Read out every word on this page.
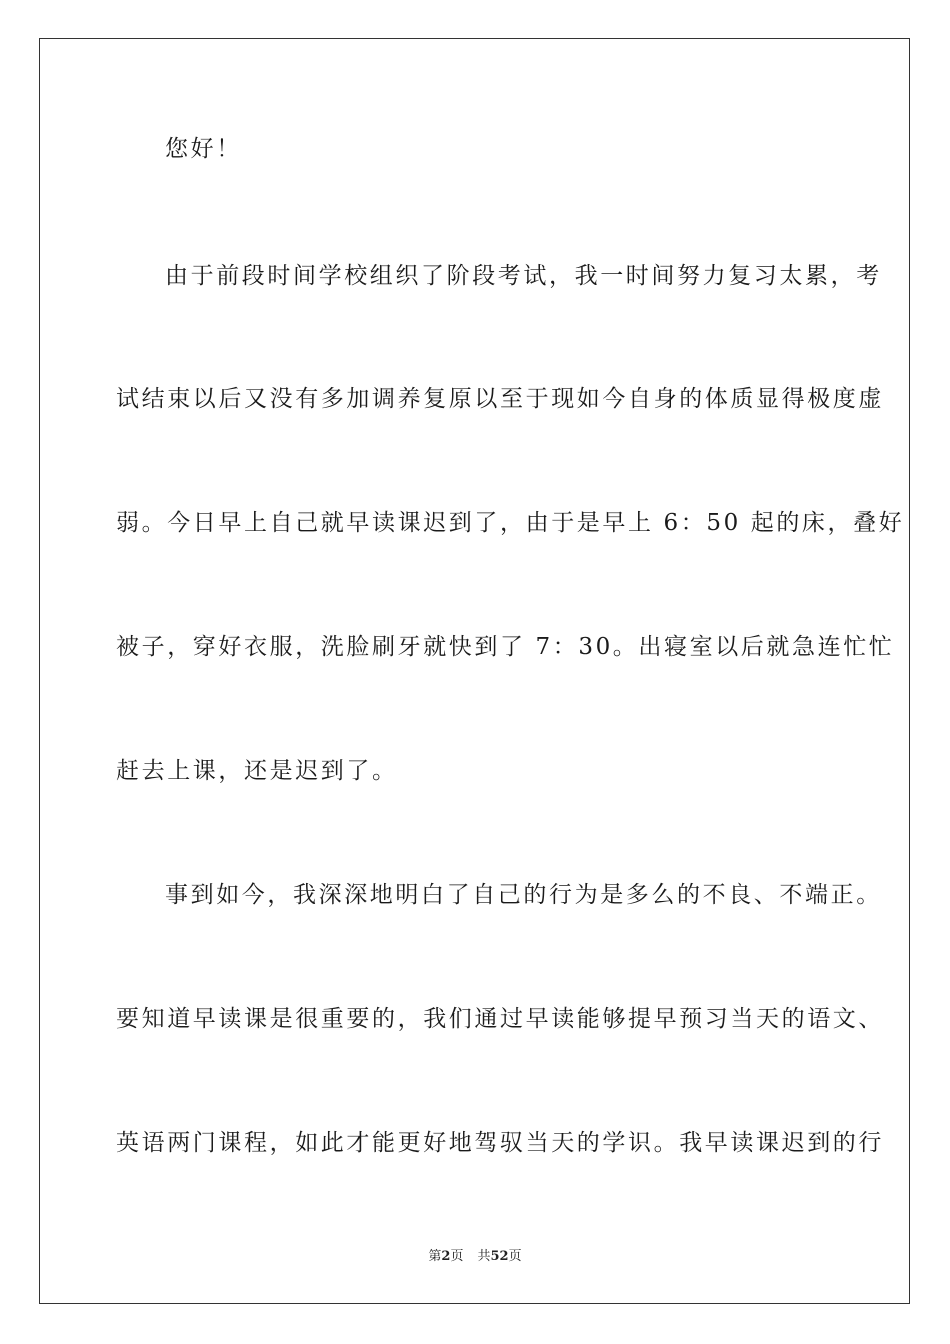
您好！
由于前段时间学校组织了阶段考试，我一时间努力复习太累，考
试结束以后又没有多加调养复原以至于现如今自身的体质显得极度虚
弱。今日早上自己就早读课迟到了，由于是早上 6：50 起的床，叠好
被子，穿好衣服，洗脸刷牙就快到了 7：30。出寝室以后就急连忙忙
赶去上课，还是迟到了。
事到如今，我深深地明白了自己的行为是多么的不良、不端正。
要知道早读课是很重要的，我们通过早读能够提早预习当天的语文、
英语两门课程，如此才能更好地驾驭当天的学识。我早读课迟到的行
第2页 共52页
